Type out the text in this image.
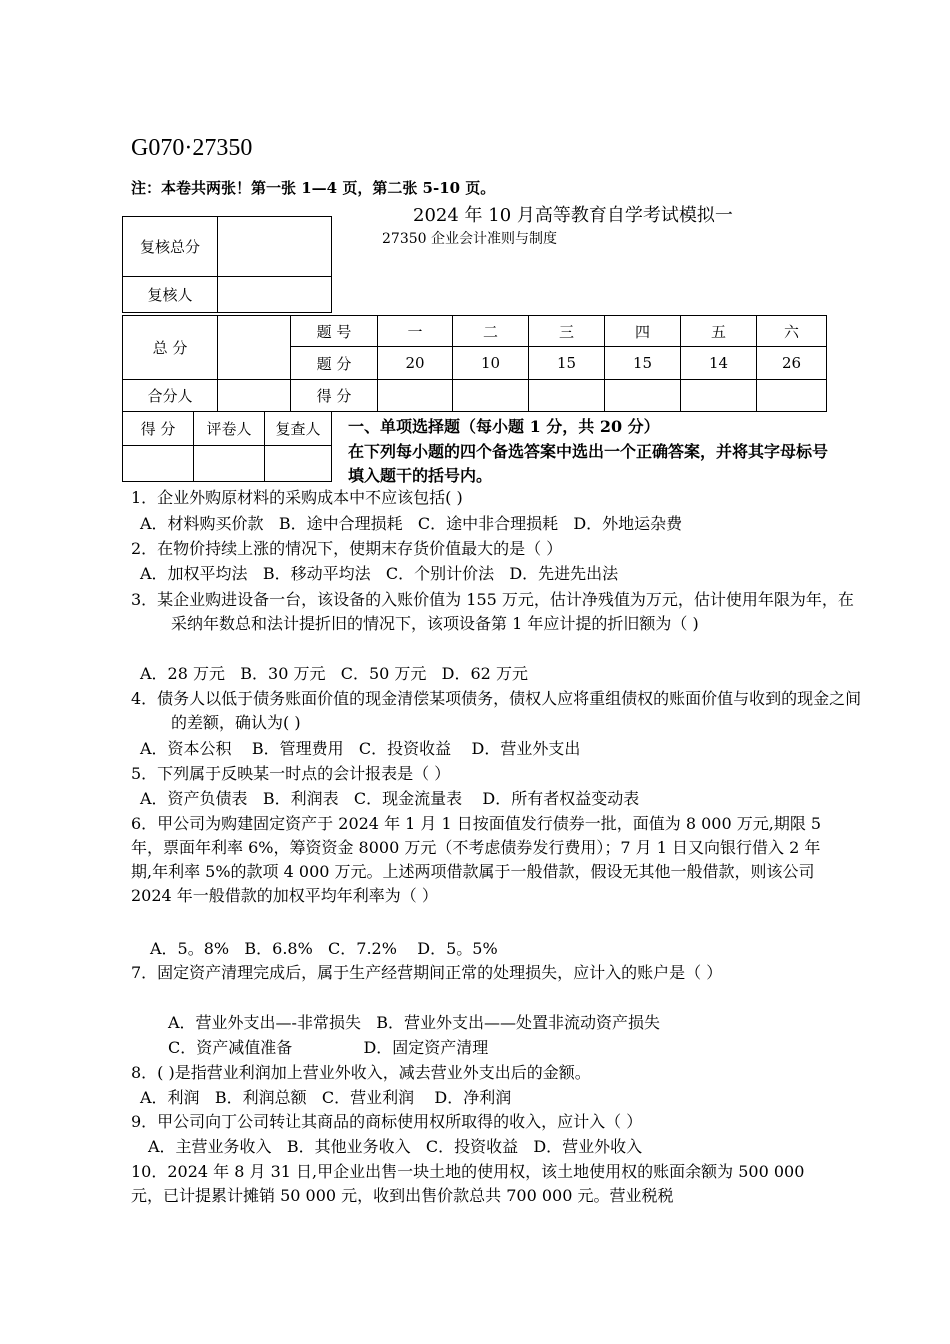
G070·27350
注：本卷共两张！第一张 1—4 页，第二张 5-10 页。
2024 年 10 月高等教育自学考试模拟一
27350 企业会计准则与制度
复核总分	
复核人	
总 分		题 号	一	二	三	四	五	六
		题 分	20	10	15	15	14	26
合分人		得 分						
得 分	评卷人	复查人
		一、单项选择题（每小题 1 分，共 20 分）
在下列每小题的四个备选答案中选出一个正确答案，并将其字母标号填入题干的括号内。
1．企业外购原材料的采购成本中不应该包括( )
A．材料购买价款   B．途中合理损耗   C．途中非合理损耗   D．外地运杂费
2．在物价持续上涨的情况下，使期末存货价值最大的是（ ）
A．加权平均法   B．移动平均法   C．个别计价法   D．先进先出法
3．某企业购进设备一台，该设备的入账价值为 155 万元，估计净残值为万元，估计使用年限为年，在采纳年数总和法计提折旧的情况下，该项设备第 1 年应计提的折旧额为（ )
A．28 万元   B．30 万元   C．50 万元   D．62 万元
4．债务人以低于债务账面价值的现金清偿某项债务，债权人应将重组债权的账面价值与收到的现金之间的差额，确认为( )
A．资本公积    B．管理费用   C．投资收益    D．营业外支出
5．下列属于反映某一时点的会计报表是（ ）
A．资产负债表   B．利润表   C．现金流量表    D．所有者权益变动表
6．甲公司为购建固定资产于 2024 年 1 月 1 日按面值发行债券一批，面值为 8 000 万元,期限 5 年，票面年利率 6%，筹资资金 8000 万元（不考虑债券发行费用）；7 月 1 日又向银行借入 2 年期,年利率 5%的款项 4 000 万元。上述两项借款属于一般借款，假设无其他一般借款，则该公司 2024 年一般借款的加权平均年利率为（ ）
A．5。8%   B．6.8%   C．7.2%    D．5。5%
7．固定资产清理完成后，属于生产经营期间正常的处理损失，应计入的账户是（ ）
A．营业外支出—-非常损失   B．营业外支出——处置非流动资产损失
C．资产减值准备              D．固定资产清理
8．( )是指营业利润加上营业外收入，减去营业外支出后的金额。
A．利润   B．利润总额   C．营业利润    D．净利润
9．甲公司向丁公司转让其商品的商标使用权所取得的收入，应计入（ ）
A．主营业务收入   B．其他业务收入   C．投资收益   D．营业外收入
10．2024 年 8 月 31 日,甲企业出售一块土地的使用权，该土地使用权的账面余额为 500 000 元，已计提累计摊销 50 000 元，收到出售价款总共 700 000 元。营业税税
